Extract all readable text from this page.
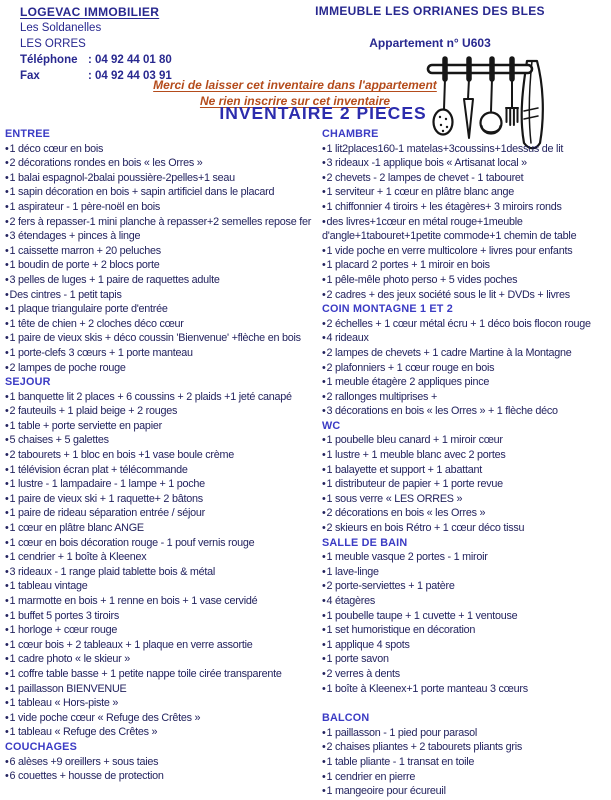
LOGEVAC IMMOBILIER
Les Soldanelles
LES ORRES
Téléphone : 04 92 44 01 80
Fax	: 04 92 44 03 91
IMMEUBLE LES ORRIANES DES BLES
Appartement n° U603
Merci de laisser cet inventaire dans l'appartement
Ne rien inscrire sur cet inventaire
INVENTAIRE 2 PIECES
ENTREE
•1 déco cœur en bois
•2 décorations rondes en bois « les Orres »
•1 balai espagnol-2balai poussière-2pelles+1 seau
•1 sapin décoration en bois + sapin artificiel dans le placard
•1 aspirateur - 1 père-noël en bois
•2 fers à repasser-1 mini planche à repasser+2 semelles repose fer
•3 étendages + pinces à linge
•1 caissette marron + 20 peluches
•1 boudin de porte + 2 blocs porte
•3 pelles de luges + 1 paire de raquettes adulte
•Des cintres - 1 petit tapis
•1 plaque triangulaire porte d'entrée
•1 tête de chien + 2 cloches déco cœur
•1 paire de vieux skis + déco coussin 'Bienvenue' +flèche en bois
•1 porte-clefs 3 cœurs + 1 porte manteau
•2 lampes de poche rouge
SEJOUR
•1 banquette lit 2 places + 6 coussins + 2 plaids +1 jeté canapé
•2 fauteuils + 1 plaid beige + 2 rouges
•1 table + porte serviette en papier
•5 chaises + 5 galettes
•2 tabourets + 1 bloc en bois +1 vase boule crème
•1 télévision écran plat + télécommande
•1 lustre - 1 lampadaire - 1 lampe + 1 poche
•1 paire de vieux ski + 1 raquette+ 2 bâtons
•1 paire de rideau séparation entrée / séjour
•1 cœur en plâtre blanc ANGE
•1 cœur en bois décoration rouge - 1 pouf vernis rouge
•1 cendrier + 1 boîte à Kleenex
•3 rideaux - 1 range plaid tablette bois & métal
•1 tableau vintage
•1 marmotte en bois + 1 renne en bois + 1 vase cervidé
•1 buffet 5 portes 3 tiroirs
•1 horloge + cœur rouge
•1 cœur bois + 2 tableaux + 1 plaque en verre assortie
•1 cadre photo « le skieur »
•1 coffre table basse + 1 petite nappe toile cirée transparente
•1 paillasson BIENVENUE
•1 tableau « Hors-piste »
•1 vide poche cœur « Refuge des Crêtes »
•1 tableau « Refuge des Crêtes »
COUCHAGES
•6 alèses +9 oreillers + sous taies
•6 couettes + housse de protection
CHAMBRE
•1 lit2places160-1 matelas+3coussins+1dessus de lit
•3 rideaux -1 applique bois « Artisanat local »
•2 chevets - 2 lampes de chevet - 1 tabouret
•1 serviteur + 1 cœur en plâtre blanc ange
•1 chiffonnier 4 tiroirs + les étagères+ 3 miroirs ronds
•des livres+1cœur en métal rouge+1meuble d'angle+1tabouret+1petite commode+1 chemin de table
•1 vide poche en verre multicolore + livres pour enfants
•1 placard 2 portes + 1 miroir en bois
•1 pêle-mêle photo perso + 5 vides poches
•2 cadres + des jeux société sous le lit + DVDs + livres
COIN MONTAGNE 1 ET 2
•2 échelles + 1 cœur métal écru + 1 déco bois flocon rouge
•4 rideaux
•2 lampes de chevets + 1 cadre Martine à la Montagne
•2 plafonniers + 1 cœur rouge en bois
•1 meuble étagère 2 appliques pince
•2 rallonges multiprises +
•3 décorations en bois « les Orres » + 1 flèche déco
WC
•1 poubelle bleu canard + 1 miroir cœur
•1 lustre + 1 meuble blanc avec 2 portes
•1 balayette et support + 1 abattant
•1 distributeur de papier + 1 porte revue
•1 sous verre « LES ORRES »
•2 décorations en bois « les Orres »
•2 skieurs en bois Rétro + 1 cœur déco tissu
SALLE DE BAIN
•1 meuble vasque 2 portes - 1 miroir
•1 lave-linge
•2 porte-serviettes + 1 patère
•4 étagères
•1 poubelle taupe + 1 cuvette + 1 ventouse
•1 set humoristique en décoration
•1 applique 4 spots
•1 porte savon
•2 verres à dents
•1 boîte à Kleenex+1 porte manteau 3 cœurs
BALCON
•1 paillasson - 1 pied pour parasol
•2 chaises pliantes + 2 tabourets pliants gris
•1 table pliante - 1 transat en toile
•1 cendrier en pierre
•1 mangeoire pour écureuil
